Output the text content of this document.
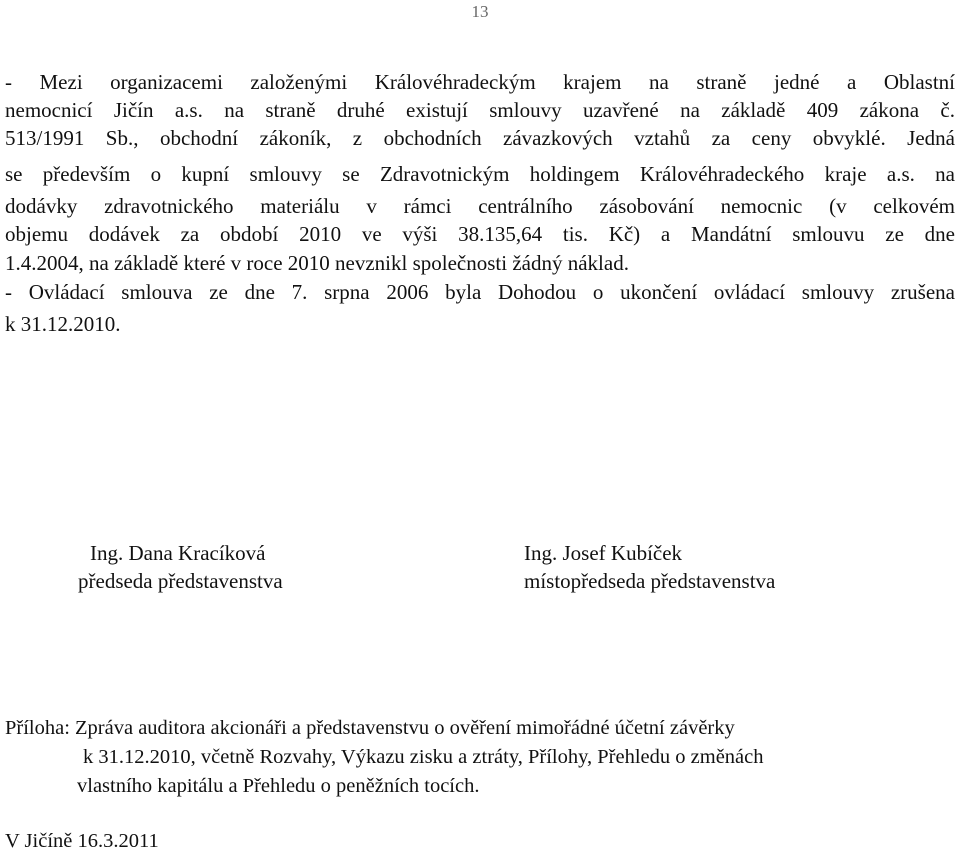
13
- Mezi organizacemi založenými Královéhradeckým krajem na straně jedné a Oblastní
nemocnicí Jičín a.s. na straně druhé existují smlouvy uzavřené na základě 409 zákona č.
513/1991 Sb., obchodní zákoník, z obchodních závazkových vztahů za ceny obvyklé. Jedná
se především o kupní smlouvy se Zdravotnickým holdingem Královéhradeckého kraje a.s. na
dodávky zdravotnického materiálu v rámci centrálního zásobování nemocnic (v celkovém
objemu dodávek za období 2010 ve výši 38.135,64 tis. Kč) a Mandátní smlouvu ze dne
1.4.2004, na základě které v roce 2010 nevznikl společnosti žádný náklad.
- Ovládací smlouva ze dne 7. srpna 2006 byla Dohodou o ukončení ovládací smlouvy zrušena
k 31.12.2010.
Ing. Dana Kracíková
předseda představenstva
Ing. Josef Kubíček
místopředseda představenstva
Příloha: Zpráva auditora akcionáři a představenstvu o ověření mimořádné účetní závěrky
k 31.12.2010, včetně Rozvahy, Výkazu zisku a ztráty, Přílohy, Přehledu o změnách
vlastního kapitálu a Přehledu o peněžních tocích.
V Jičíně 16.3.2011
